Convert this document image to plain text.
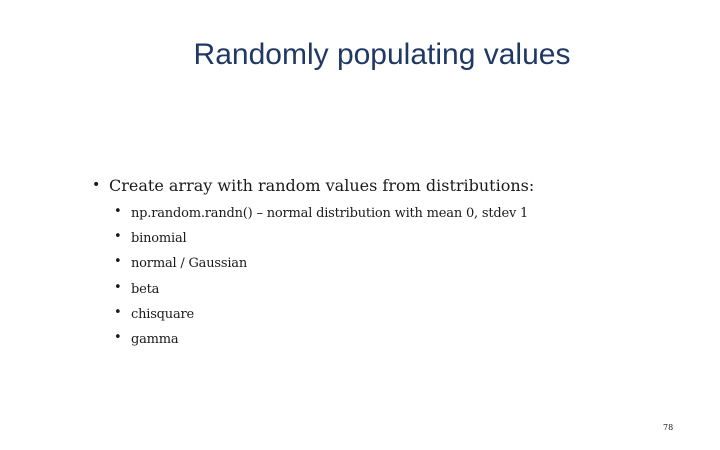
Randomly populating values
• Create array with random values from distributions:
• np.random.randn() – normal distribution with mean 0, stdev 1
• binomial
• normal / Gaussian
• beta
• chisquare
• gamma
78
